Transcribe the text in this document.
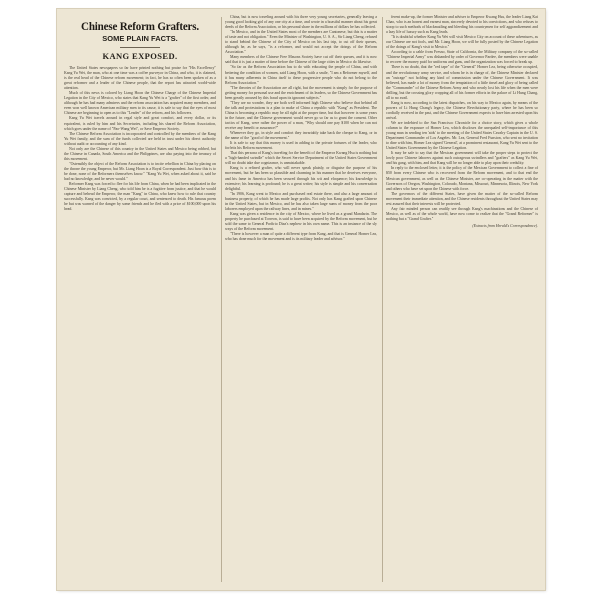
Chinese Reform Grafters.
SOME PLAIN FACTS.
KANG EXPOSED.

The United States newspapers so far have printed nothing but praise for "His Excellency" Kang Yu Wei, the man, who at one time was a coffee purveyor in China, and who, it is claimed, is the real head of the Chinese reform movement; in fact, he has so often been spoken of as a great reformer and a leader of the Chinese people, that the report has attracted world-wide attention.

Much of this news is colored by Liang Hoon the Chinese Charge of the Chinese Imperial Legation in the City of Mexico, who states that Kang Yu Wei is a "grafter" of the first order, and although he has had many admirers and the reform association has acquired many members, and even won well known American military men to its cause, it is safe to say that the eyes of most Chinese are beginning to open as to this "Leader" of the reform, and his followers.

Kang Yu Wei travels around in regal style and great comfort, and every dollar, or its equivalent, is ruled by him and his Secretaries, including his shared the Reform Association, which goes under the name of "Pao-Wang Wei", or Save Emperor Society.

The Chinese Reform Association is incorporated and controlled by the members of the Kang Yu Wei family, and the sum of the funds collected are held in trust under his direct authority without audit or accounting of any kind.

Not only are the Chinese of this country in the United States and Mexico being robbed, but the Chinese in Canada, South America and the Philippines, are also paying into the treasury of this movement.

"Ostensibly the object of the Reform Association is to incite rebellion in China by placing on the throne the young Emperor, but Mr. Liang Hoon is a Royal Correspondent. Just how this is to be done, none of the Reformers themselves know." "Kang Yu Wei, when asked about it, said he had no knowledge, and he never would."

Reformer Kang was forced to flee for his life from China, when he had been implicated in the Chinese Minister by Liang Cheng, who told him he is a fugitive from justice, and that he would capture and behead the Emperor, the man "Kang" in China, who knew how to rule that country successfully. Kang was convicted, by a regular court, and sentenced to death. His famous poem he but was warned of the danger by some friends and he fled with a price of $100,000 upon his head.

China, but is now traveling around with his three very young secretaries, generally leaving a young good looking girl of any one city at a time, and wrote in a boastful manner about his great deeds of the Reform Association, or his personal share in the millions of dollars he has collected.

"In Mexico, and in the United States most of the members are Cantonese, but this is a matter of taste and not obligation." Even the Minister of Washington, U. S. A., Sir Liang Cheng, refused to stand behind the Chinese of the City of Mexico on his last trip, to cut off their queues, although he, as he says, "is a reformer, and would not accept the doings of the Reform Association."

Many members of the Chinese Free Masons Society have cut off their queues, and it is now said that it is just a matter of time before the Chinese of the large cities in Mexico do likewise.

"So far as the Reform Association has to do with educating the people of China, and with bettering the condition of women, said Liang Hoon, with a smile, "I am a Reformer myself, and it has many adherents in China itself to these progressive people who do not belong to the Reform Association."

"The theories of the Association are all right, but the movement is simply for the purpose of getting money for personal use and the enrichment of its leaders, so the Chinese Government has been greatly aroused by this fraud upon its ignorant subjects."

"They are no wonder, they are both well informed high Chinese who believe that behind all the talk and protestations is a plan to make of China a republic with "Kang" as President. The China is becoming a republic may be all right at the proper time, but that however is some years in the future, and the Chinese government would never go so far as to grant the consent. Other tactics of Kang, were rather the power of a man, "Why should one pay $100 when he can not receive any benefit or assurance?"

Whenever they go, in style and comfort they invariably take back the cheque to Kang, or in the name of the "good of the movement."

It is safe to say that this money is used in adding to the private fortunes of the leader, who forfeits his Reform movement.

That this persona of Kang's traveling for the benefit of the Emperor Kwang Hsu is nothing but a "high-handed swindle" which the Secret Service Department of the United States Government will no doubt take due cognizance, is unmistakable.

Kang is a refined grafter, who will never speak plainly, or disguise the purpose of his movement, but he has been so plausible and charming in his manner that he deceives everyone, and his fame in America has been secured through his wit and eloquence; his knowledge is extensive; his learning is profound; he is a great writer; his style is simple and his conversation delightful.

"In 1906, Kang went to Mexico and purchased real estate there, and also a large amount of business property, of which he has made large profits. Not only has Kang grafted upon Chinese in the United States, but in Mexico, and he has also taken large sums of money from the poor laborers employed upon the railway lines, and in mines."

Kang was given a residence in the city of Mexico, where he lived as a grand Mandarin. The property he purchased at Torreon, is said to have been acquired by the Reform movement, but he sold the same to General Porfirio Diaz's nephew in his own name. This is an instance of the sly ways of the Reform movement.

"There is however a man of quite a different type from Kang, and that is General Homer Lea, who has done much for the movement and is its military leader and advisor."

ferent make-up, the former Minister and adviser to Emperor Kwang Hsu, the leader Liang Kai Chao, who is an honest and earnest man, sincerely devoted to his convictions, and who refuses to stoop to such methods of blackmailing and bleeding his countrymen for self aggrandizement and a lazy life of luxury such as Kang leads.

"It is doubtful whether Kang Yu Wei will visit Mexico City on account of these adventures, as our Chinese are not fools, and Mr. Liang Hoon, we will be fully posted by the Chinese Legation of the doings of Kang's visit to Mexico."

According to a cable from Fresno, State of California, the Military company of the so-called "Chinese Imperial Army" was disbanded by order of Governor Pardee, the members were unable to recover the money paid for uniforms and guns, and the organization was forced to break up.

There is no doubt, that the "red tape" of the "General" Homer Lea, being otherwise occupied, and the revolutionary army service, and whom he is in charge of, the Chinese Minister declared an "outrage" not holding any kind of commission under the Chinese Government. It was believed, has made a lot of money from the temptation of a little tinsel and glory of being called the "Commander" of the Chinese Reform Army and who nearly lost his life when the men were drilling, but the crossing glory cropping all of his former efforts in the palace of Li Hung Chang, all to no avail.

Kang is now, according to the latest dispatches, on his way to Mexico again, by means of the powers of Li Hung Chang's legacy, the Chinese Revolutionary party, where he has been so cordially received in the past, and the Chinese Government expects to have him arrested upon his arrival.

We are indebted to the San Francisco Chronicle for a choice story, which gives a whole column to the exposure of Homer Lea, which discloses the unequaled self-importance of this young man in sending ten 'aids' to the meeting of the United States Cavalry Captain in the U. S. Department Commander of Los Angeles. Mr. Lea, General Fred Funston, who sent no invitation to dine with him, Homer Lea signed 'General', at a prominent restaurant, Kang Yu Wei sent to the United States Government by the Chinese Legation.

It may be safe to say that the Mexican government will take the proper steps to protect the lowly poor Chinese laborers against such outrageous swindlers and "grafters" as Kang Yu Wei, and his gang, with him, and that Kang will be no longer able to play upon their credulity.

In reply to the enclosed letter, it is the policy of the Mexican Government to collect a fine of $50 from every Chinese who is recovered from the Reform movement, and to that end the Mexican government, as well as the Chinese Minister, are co-operating in the matter with the Governors of Oregon, Washington, Colorado, Montana, Missouri, Minnesota, Illinois, New York and others who have set upon the Chinese with force.

The governors of the different States, have given the matter of the so-called Reform movement their immediate attention, and the Chinese residents throughout the United States may rest assured that their interests will be protected.

Any fair minded person can readily see through Kang's machinations and the Chinese of Mexico, as well as of the whole world, have now come to realize that the "Grand Reformer" is nothing but a "Grand Grafter."

(Extracts from Herald's Correspondence).
